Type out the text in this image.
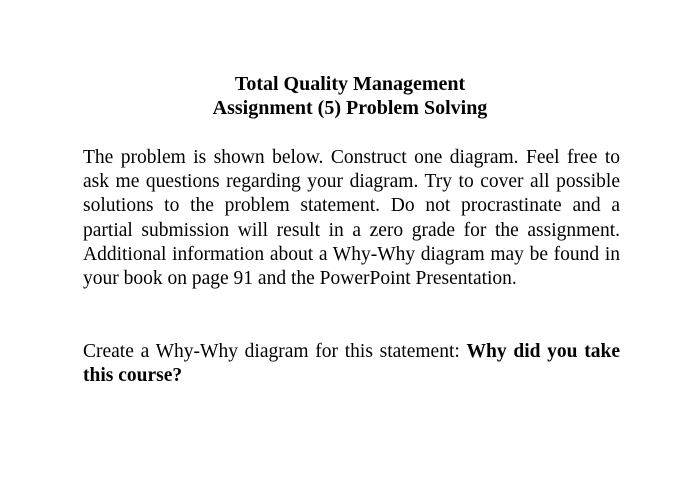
Total Quality Management
Assignment (5) Problem Solving

The problem is shown below. Construct one diagram. Feel free to ask me questions regarding your diagram. Try to cover all possible solutions to the problem statement. Do not procrastinate and a partial submission will result in a zero grade for the assignment. Additional information about a Why-Why diagram may be found in your book on page 91 and the PowerPoint Presentation.

Create a Why-Why diagram for this statement: Why did you take this course?
